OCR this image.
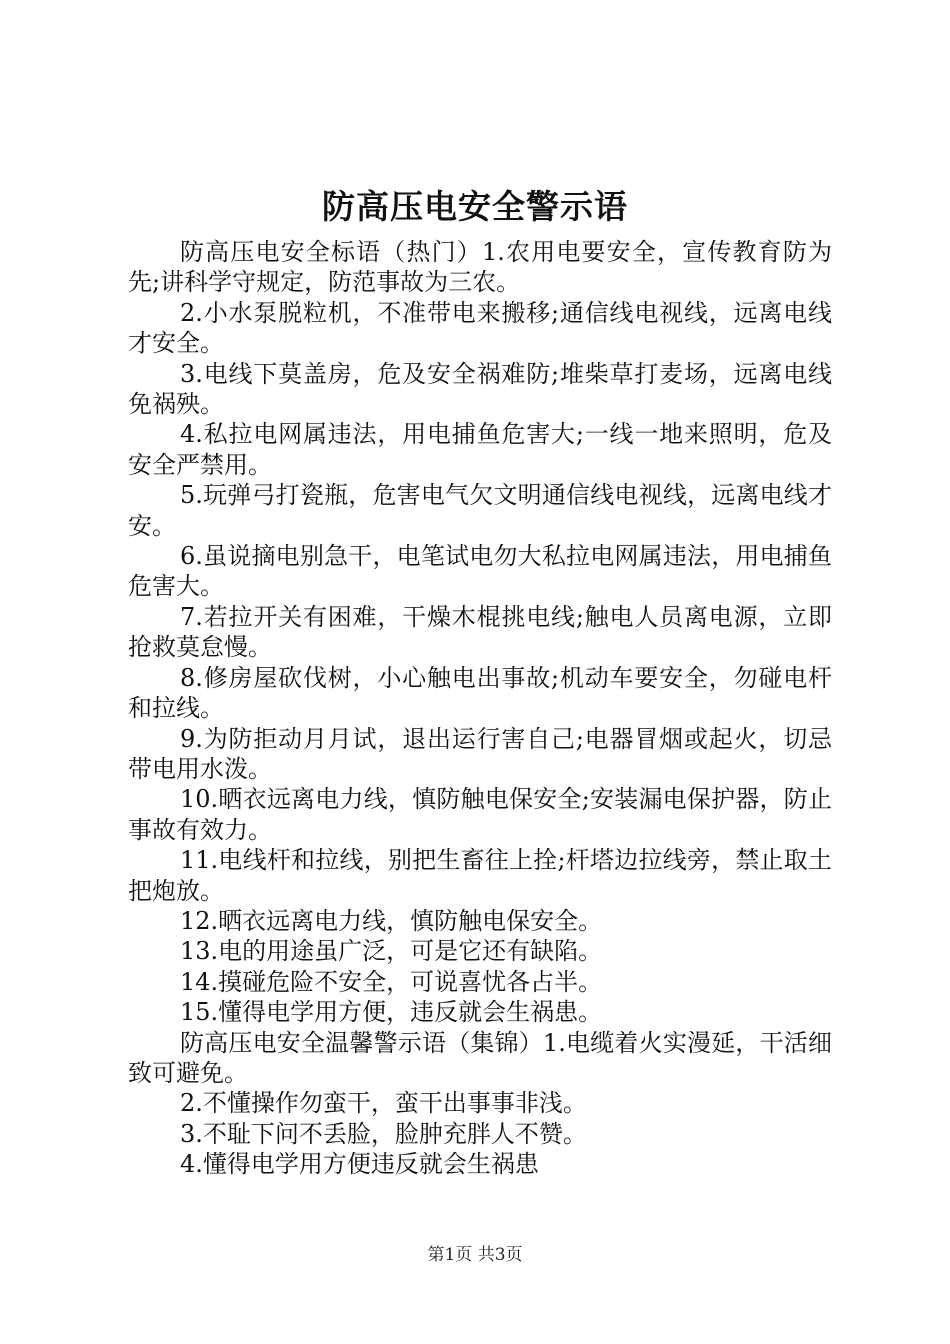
防高压电安全警示语

防高压电安全标语（热门）1.农用电要安全，宣传教育防为先;讲科学守规定，防范事故为三农。

2.小水泵脱粒机，不准带电来搬移;通信线电视线，远离电线才安全。

3.电线下莫盖房，危及安全祸难防;堆柴草打麦场，远离电线免祸殃。

4.私拉电网属违法，用电捕鱼危害大;一线一地来照明，危及安全严禁用。

5.玩弹弓打瓷瓶，危害电气欠文明通信线电视线，远离电线才安。

6.虽说摘电别急干，电笔试电勿大私拉电网属违法，用电捕鱼危害大。

7.若拉开关有困难，干燥木棍挑电线;触电人员离电源，立即抢救莫怠慢。

8.修房屋砍伐树，小心触电出事故;机动车要安全，勿碰电杆和拉线。

9.为防拒动月月试，退出运行害自己;电器冒烟或起火，切忌带电用水泼。

10.晒衣远离电力线，慎防触电保安全;安装漏电保护器，防止事故有效力。

11.电线杆和拉线，别把生畜往上拴;杆塔边拉线旁，禁止取土把炮放。

12.晒衣远离电力线，慎防触电保安全。

13.电的用途虽广泛，可是它还有缺陷。

14.摸碰危险不安全，可说喜忧各占半。

15.懂得电学用方便，违反就会生祸患。

防高压电安全温馨警示语（集锦）1.电缆着火实漫延，干活细致可避免。

2.不懂操作勿蛮干，蛮干出事事非浅。

3.不耻下问不丢脸，脸肿充胖人不赞。

4.懂得电学用方便违反就会生祸患

第1页 共3页
